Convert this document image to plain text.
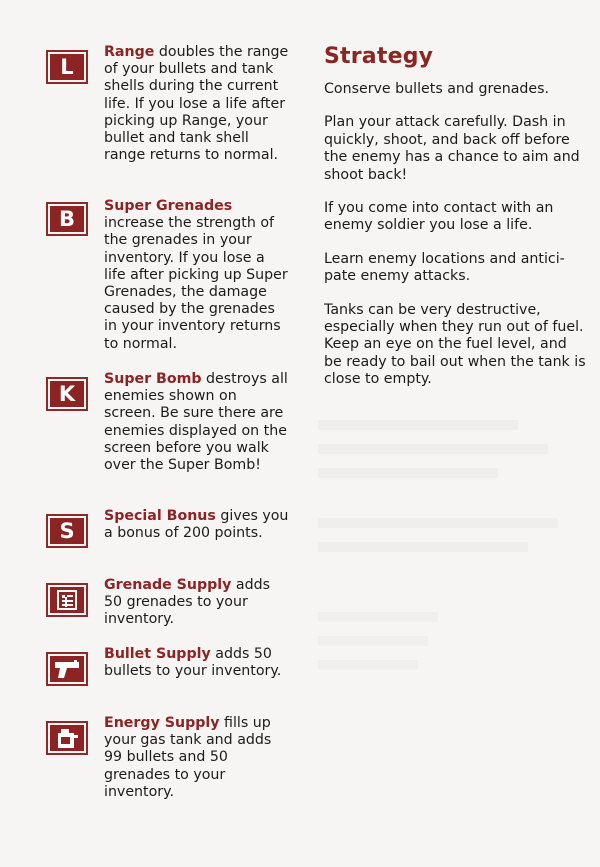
L
Range doubles the range of your bullets and tank shells during the current life. If you lose a life after picking up Range, your bullet and tank shell range returns to normal.
B
Super Grenades increase the strength of the grenades in your inventory. If you lose a life after picking up Super Grenades, the damage caused by the grenades in your inventory returns to normal.
K
Super Bomb destroys all enemies shown on screen. Be sure there are enemies displayed on the screen before you walk over the Super Bomb!
S
Special Bonus gives you a bonus of 200 points.
Grenade Supply adds 50 grenades to your inventory.
Bullet Supply adds 50 bullets to your inventory.
Energy Supply fills up your gas tank and adds 99 bullets and 50 grenades to your inventory.
Strategy

Conserve bullets and grenades.

Plan your attack carefully. Dash in quickly, shoot, and back off before the enemy has a chance to aim and shoot back!

If you come into contact with an enemy soldier you lose a life.

Learn enemy locations and antici-pate enemy attacks.

Tanks can be very destructive, especially when they run out of fuel. Keep an eye on the fuel level, and be ready to bail out when the tank is close to empty.
